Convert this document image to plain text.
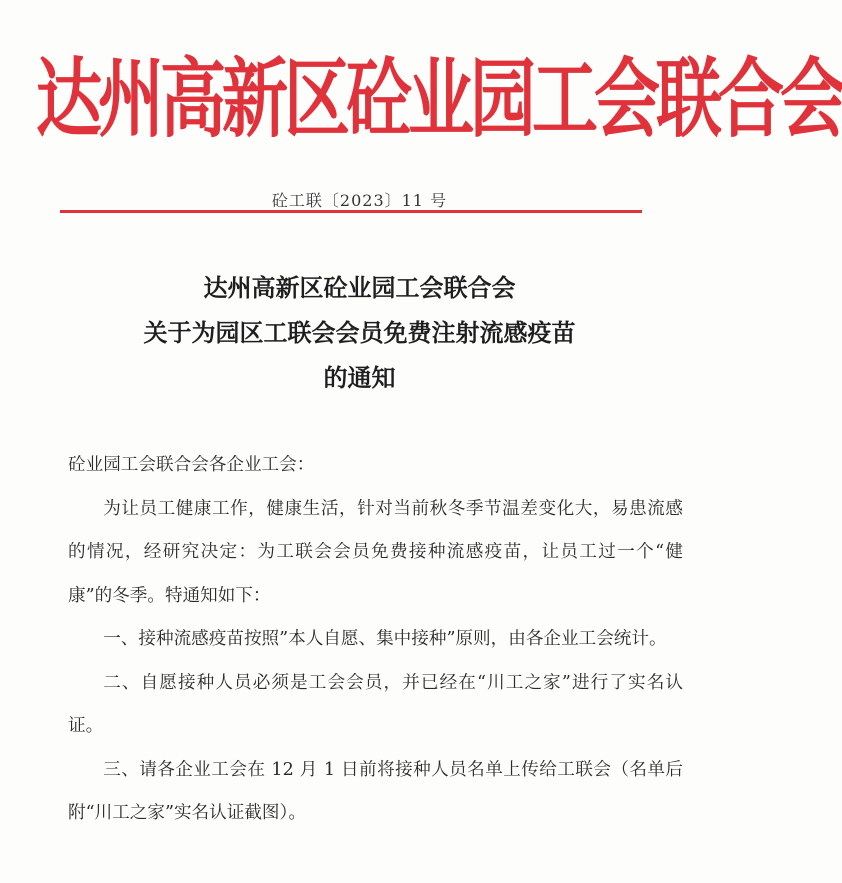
达州高新区砼业园工会联合会
砼工联〔2023〕11 号
达州高新区砼业园工会联合会
关于为园区工联会会员免费注射流感疫苗
的通知

砼业园工会联合会各企业工会：

为让员工健康工作，健康生活，针对当前秋冬季节温差变化大，易患流感的情况，经研究决定：为工联会会员免费接种流感疫苗，让员工过一个“健康”的冬季。特通知如下：

一、接种流感疫苗按照”本人自愿、集中接种”原则，由各企业工会统计。

二、自愿接种人员必须是工会会员，并已经在“川工之家”进行了实名认证。

三、请各企业工会在 12 月 1 日前将接种人员名单上传给工联会（名单后附“川工之家”实名认证截图）。
